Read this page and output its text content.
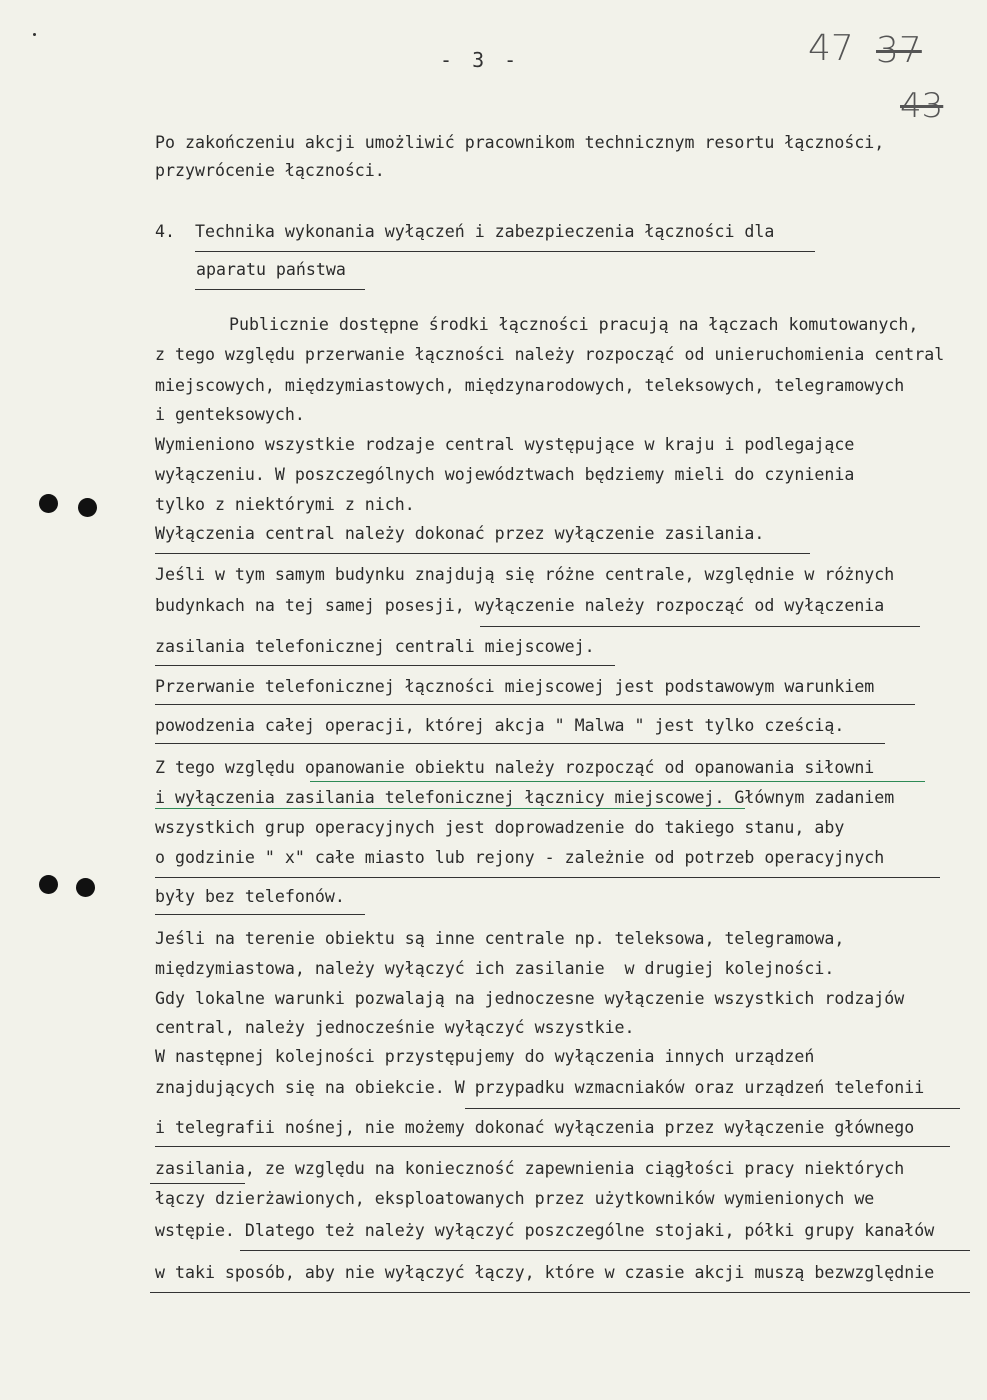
- 3 -	47 37
43
Po zakończeniu akcji umożliwić pracownikom technicznym resortu łączności,
przywrócenie łączności.
4.  Technika wykonania wyłączeń i zabezpieczenia łączności dla
aparatu państwa
Publicznie dostępne środki łączności pracują na łączach komutowanych,
z tego względu przerwanie łączności należy rozpocząć od unieruchomienia central
miejscowych, międzymiastowych, międzynarodowych, teleksowych, telegramowych
i genteksowych.
Wymieniono wszystkie rodzaje central występujące w kraju i podlegające
wyłączeniu. W poszczególnych województwach będziemy mieli do czynienia
tylko z niektórymi z nich.
Wyłączenia central należy dokonać przez wyłączenie zasilania.
Jeśli w tym samym budynku znajdują się różne centrale, względnie w różnych
budynkach na tej samej posesji, wyłączenie należy rozpocząć od wyłączenia
zasilania telefonicznej centrali miejscowej.
Przerwanie telefonicznej łączności miejscowej jest podstawowym warunkiem
powodzenia całej operacji, której akcja " Malwa " jest tylko cześcią.
Z tego względu opanowanie obiektu należy rozpocząć od opanowania siłowni
i wyłączenia zasilania telefonicznej łącznicy miejscowej. Głównym zadaniem
wszystkich grup operacyjnych jest doprowadzenie do takiego stanu, aby
o godzinie " x" całe miasto lub rejony - zależnie od potrzeb operacyjnych
były bez telefonów.
Jeśli na terenie obiektu są inne centrale np. teleksowa, telegramowa,
międzymiastowa, należy wyłączyć ich zasilanie  w drugiej kolejności.
Gdy lokalne warunki pozwalają na jednoczesne wyłączenie wszystkich rodzajów
central, należy jednocześnie wyłączyć wszystkie.
W następnej kolejności przystępujemy do wyłączenia innych urządzeń
znajdujących się na obiekcie. W przypadku wzmacniaków oraz urządzeń telefonii
i telegrafii nośnej, nie możemy dokonać wyłączenia przez wyłączenie głównego
zasilania, ze względu na konieczność zapewnienia ciągłości pracy niektórych
łączy dzierżawionych, eksploatowanych przez użytkowników wymienionych we
wstępie. Dlatego też należy wyłączyć poszczególne stojaki, półki grupy kanałów
w taki sposób, aby nie wyłączyć łączy, które w czasie akcji muszą bezwzględnie
